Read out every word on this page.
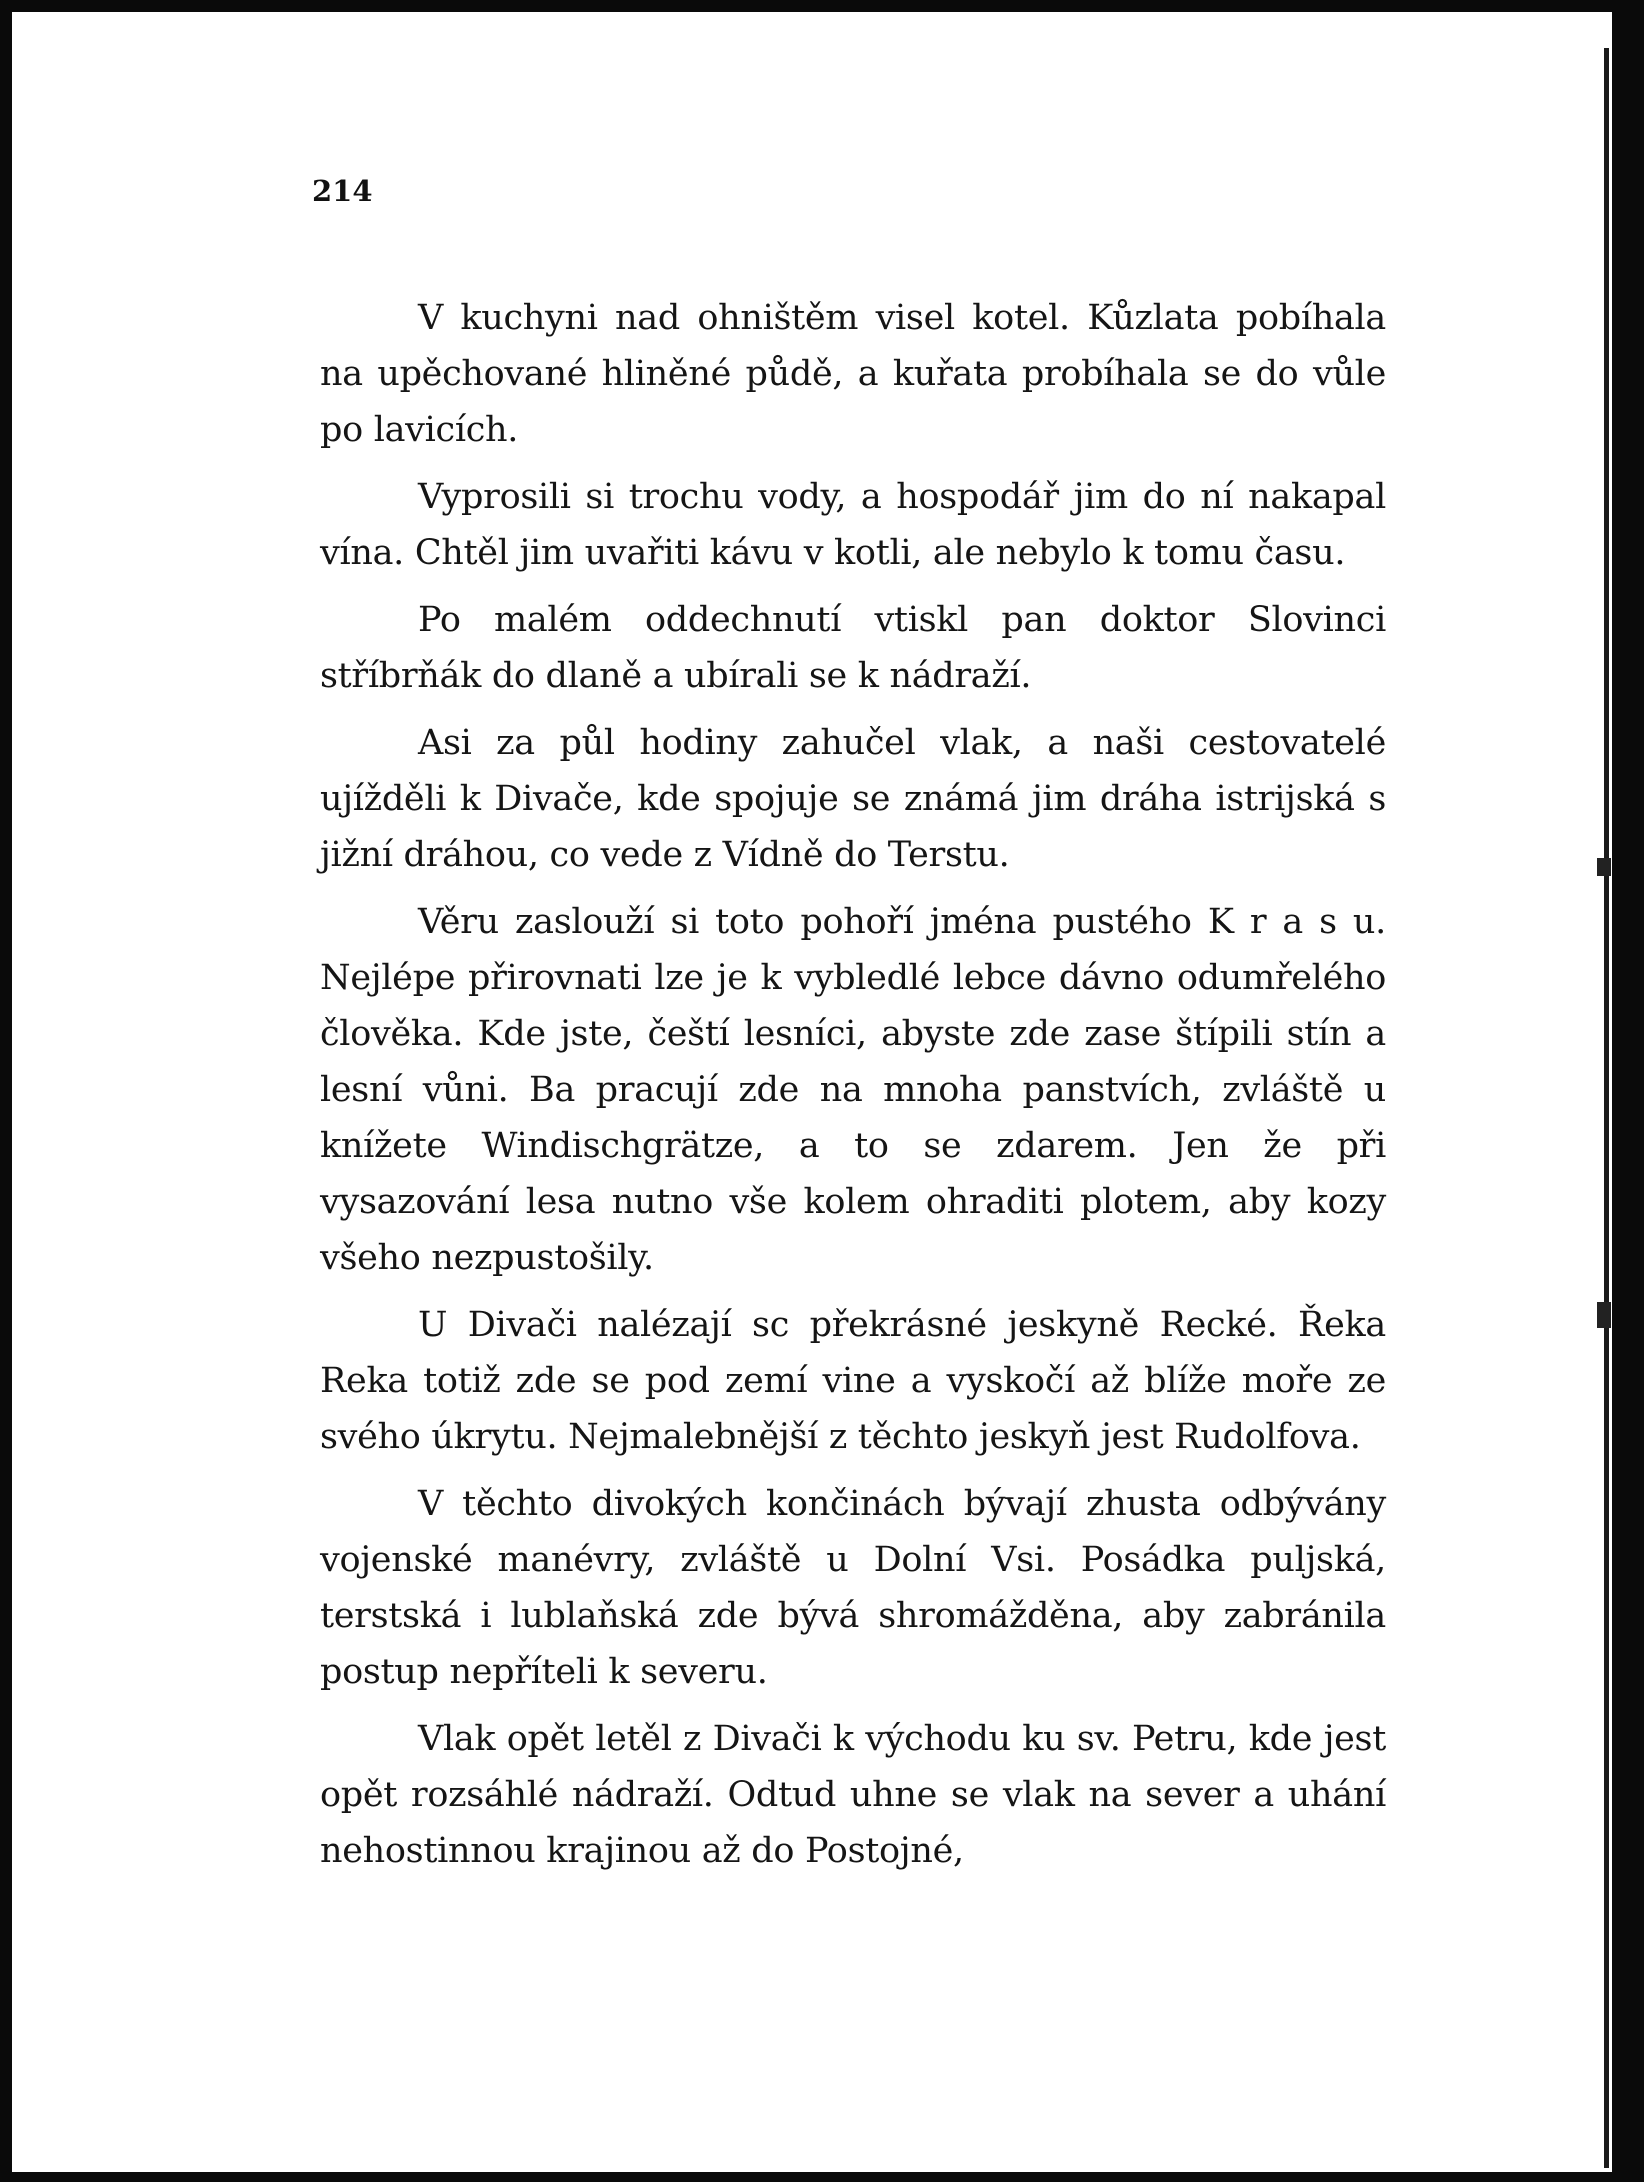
214

V kuchyni nad ohništěm visel kotel. Kůzlata pobíhala na upěchované hliněné půdě, a kuřata probíhala se do vůle po lavicích.

Vyprosili si trochu vody, a hospodář jim do ní nakapal vína. Chtěl jim uvařiti kávu v kotli, ale nebylo k tomu času.

Po malém oddechnutí vtiskl pan doktor Slovinci stříbrňák do dlaně a ubírali se k nádraží.

Asi za půl hodiny zahučel vlak, a naši cestovatelé ujížděli k Divače, kde spojuje se známá jim dráha istrijská s jižní dráhou, co vede z Vídně do Terstu.

Věru zaslouží si toto pohoří jména pustého K r a s u. Nejlépe přirovnati lze je k vybledlé lebce dávno odumřelého člověka. Kde jste, čeští lesníci, abyste zde zase štípili stín a lesní vůni. Ba pracují zde na mnoha panstvích, zvláště u knížete Windischgrätze, a to se zdarem. Jen že při vysazování lesa nutno vše kolem ohraditi plotem, aby kozy všeho nezpustošily.

U Divači nalézají sc překrásné jeskyně Recké. Řeka Reka totiž zde se pod zemí vine a vyskočí až blíže moře ze svého úkrytu. Nejmalebnější z těchto jeskyň jest Rudolfova.

V těchto divokých končinách bývají zhusta odbývány vojenské manévry, zvláště u Dolní Vsi. Posádka puljská, terstská i lublaňská zde bývá shromážděna, aby zabránila postup nepříteli k severu.

Vlak opět letěl z Divači k východu ku sv. Petru, kde jest opět rozsáhlé nádraží. Odtud uhne se vlak na sever a uhání nehostinnou krajinou až do Postojné,
